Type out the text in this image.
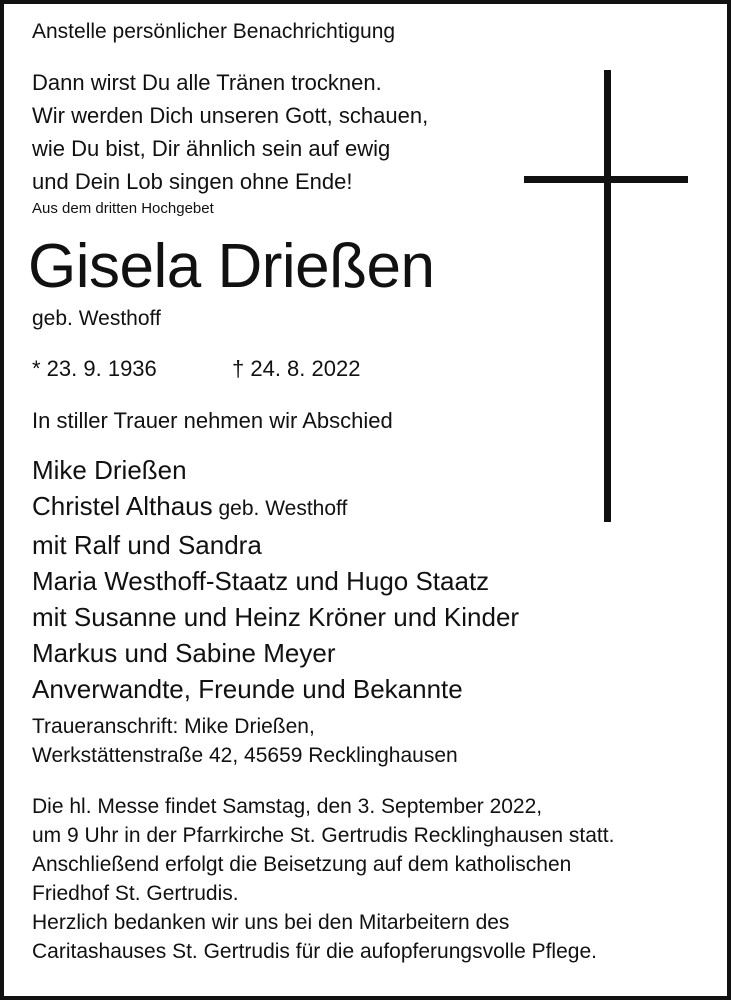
Anstelle persönlicher Benachrichtigung
Dann wirst Du alle Tränen trocknen.
Wir werden Dich unseren Gott, schauen,
wie Du bist, Dir ähnlich sein auf ewig
und Dein Lob singen ohne Ende!
Aus dem dritten Hochgebet
Gisela Drießen
geb. Westhoff
* 23. 9. 1936	† 24. 8. 2022
In stiller Trauer nehmen wir Abschied
Mike Drießen
Christel Althaus geb. Westhoff
mit Ralf und Sandra
Maria Westhoff-Staatz und Hugo Staatz
mit Susanne und Heinz Kröner und Kinder
Markus und Sabine Meyer
Anverwandte, Freunde und Bekannte
Traueranschrift: Mike Drießen,
Werkstättenstraße 42, 45659 Recklinghausen
Die hl. Messe findet Samstag, den 3. September 2022,
um 9 Uhr in der Pfarrkirche St. Gertrudis Recklinghausen statt.
Anschließend erfolgt die Beisetzung auf dem katholischen
Friedhof St. Gertrudis.
Herzlich bedanken wir uns bei den Mitarbeitern des
Caritashauses St. Gertrudis für die aufopferungsvolle Pflege.
